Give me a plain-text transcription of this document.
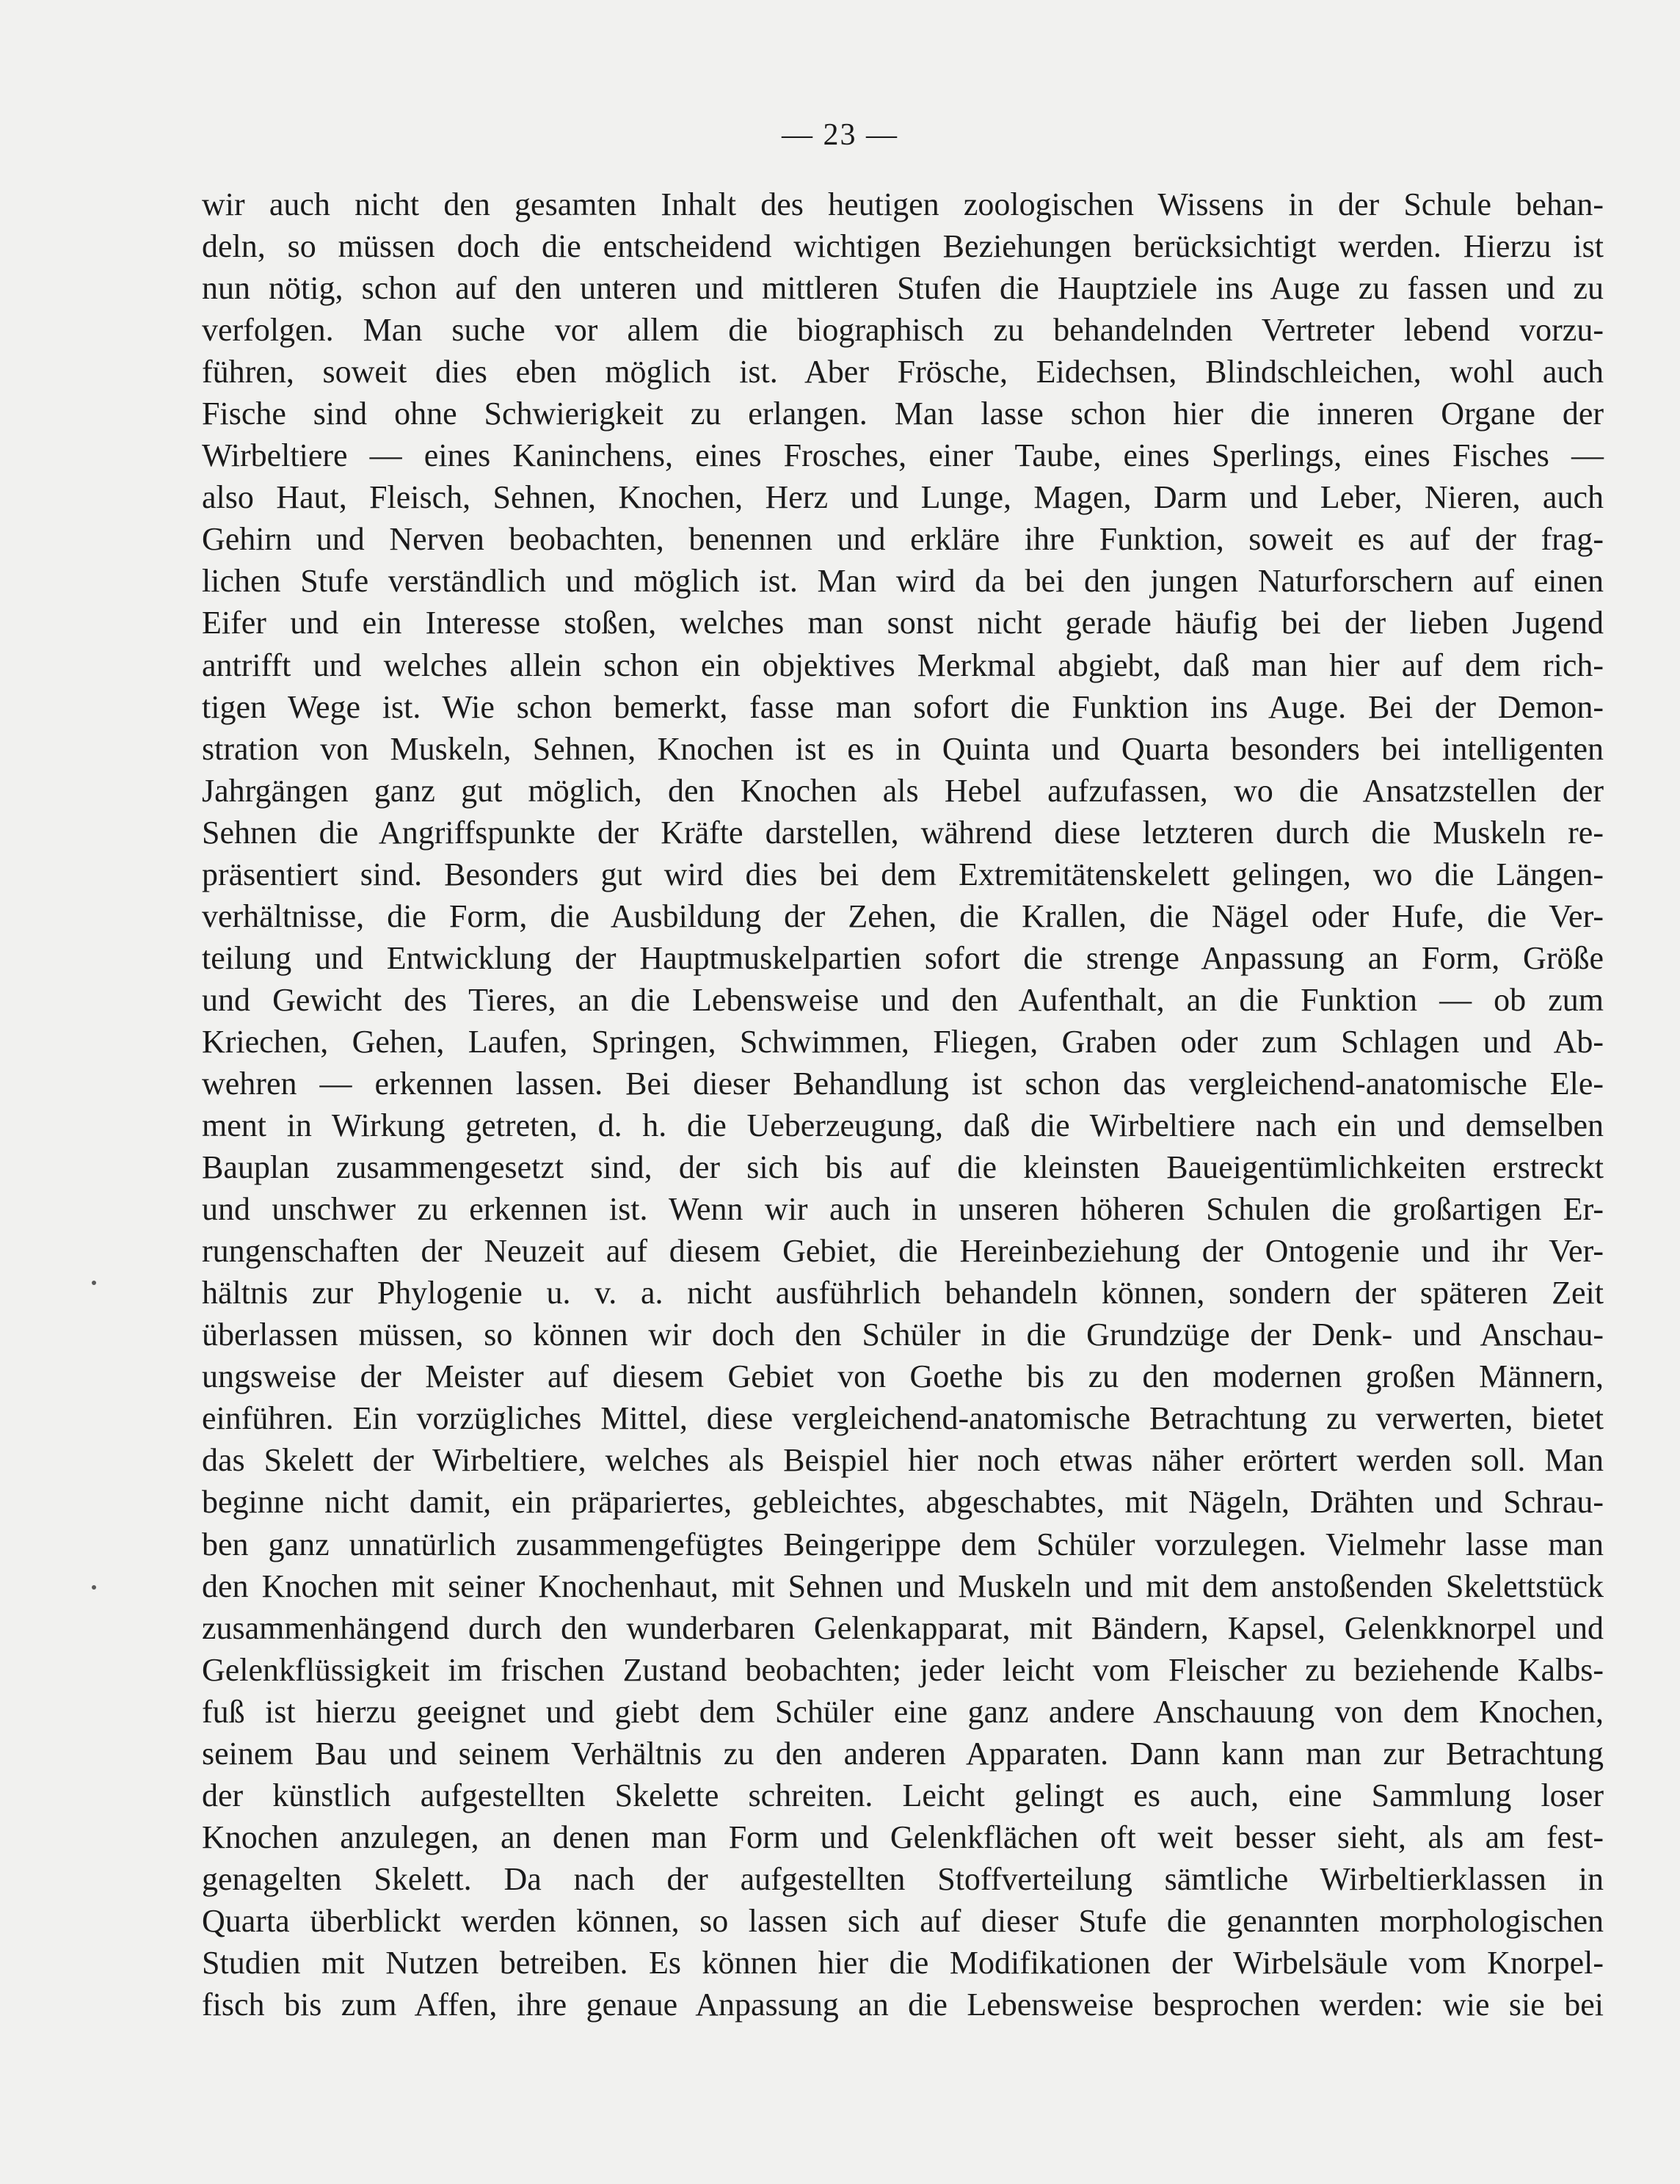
— 23 —
wir auch nicht den gesamten Inhalt des heutigen zoologischen Wissens in der Schule behan-
deln, so müssen doch die entscheidend wichtigen Beziehungen berücksichtigt werden. Hierzu ist
nun nötig, schon auf den unteren und mittleren Stufen die Hauptziele ins Auge zu fassen und zu
verfolgen. Man suche vor allem die biographisch zu behandelnden Vertreter lebend vorzu-
führen, soweit dies eben möglich ist. Aber Frösche, Eidechsen, Blindschleichen, wohl auch
Fische sind ohne Schwierigkeit zu erlangen. Man lasse schon hier die inneren Organe der
Wirbeltiere — eines Kaninchens, eines Frosches, einer Taube, eines Sperlings, eines Fisches —
also Haut, Fleisch, Sehnen, Knochen, Herz und Lunge, Magen, Darm und Leber, Nieren, auch
Gehirn und Nerven beobachten, benennen und erkläre ihre Funktion, soweit es auf der frag-
lichen Stufe verständlich und möglich ist. Man wird da bei den jungen Naturforschern auf einen
Eifer und ein Interesse stoßen, welches man sonst nicht gerade häufig bei der lieben Jugend
antrifft und welches allein schon ein objektives Merkmal abgiebt, daß man hier auf dem rich-
tigen Wege ist. Wie schon bemerkt, fasse man sofort die Funktion ins Auge. Bei der Demon-
stration von Muskeln, Sehnen, Knochen ist es in Quinta und Quarta besonders bei intelligenten
Jahrgängen ganz gut möglich, den Knochen als Hebel aufzufassen, wo die Ansatzstellen der
Sehnen die Angriffspunkte der Kräfte darstellen, während diese letzteren durch die Muskeln re-
präsentiert sind. Besonders gut wird dies bei dem Extremitätenskelett gelingen, wo die Längen-
verhältnisse, die Form, die Ausbildung der Zehen, die Krallen, die Nägel oder Hufe, die Ver-
teilung und Entwicklung der Hauptmuskelpartien sofort die strenge Anpassung an Form, Größe
und Gewicht des Tieres, an die Lebensweise und den Aufenthalt, an die Funktion — ob zum
Kriechen, Gehen, Laufen, Springen, Schwimmen, Fliegen, Graben oder zum Schlagen und Ab-
wehren — erkennen lassen. Bei dieser Behandlung ist schon das vergleichend-anatomische Ele-
ment in Wirkung getreten, d. h. die Ueberzeugung, daß die Wirbeltiere nach ein und demselben
Bauplan zusammengesetzt sind, der sich bis auf die kleinsten Baueigentümlichkeiten erstreckt
und unschwer zu erkennen ist. Wenn wir auch in unseren höheren Schulen die großartigen Er-
rungenschaften der Neuzeit auf diesem Gebiet, die Hereinbeziehung der Ontogenie und ihr Ver-
hältnis zur Phylogenie u. v. a. nicht ausführlich behandeln können, sondern der späteren Zeit
überlassen müssen, so können wir doch den Schüler in die Grundzüge der Denk- und Anschau-
ungsweise der Meister auf diesem Gebiet von Goethe bis zu den modernen großen Männern,
einführen. Ein vorzügliches Mittel, diese vergleichend-anatomische Betrachtung zu verwerten, bietet
das Skelett der Wirbeltiere, welches als Beispiel hier noch etwas näher erörtert werden soll. Man
beginne nicht damit, ein präpariertes, gebleichtes, abgeschabtes, mit Nägeln, Drähten und Schrau-
ben ganz unnatürlich zusammengefügtes Beingerippe dem Schüler vorzulegen. Vielmehr lasse man
den Knochen mit seiner Knochenhaut, mit Sehnen und Muskeln und mit dem anstoßenden Skelettstück
zusammenhängend durch den wunderbaren Gelenkapparat, mit Bändern, Kapsel, Gelenkknorpel und
Gelenkflüssigkeit im frischen Zustand beobachten; jeder leicht vom Fleischer zu beziehende Kalbs-
fuß ist hierzu geeignet und giebt dem Schüler eine ganz andere Anschauung von dem Knochen,
seinem Bau und seinem Verhältnis zu den anderen Apparaten. Dann kann man zur Betrachtung
der künstlich aufgestellten Skelette schreiten. Leicht gelingt es auch, eine Sammlung loser
Knochen anzulegen, an denen man Form und Gelenkflächen oft weit besser sieht, als am fest-
genagelten Skelett. Da nach der aufgestellten Stoffverteilung sämtliche Wirbeltierklassen in
Quarta überblickt werden können, so lassen sich auf dieser Stufe die genannten morphologischen
Studien mit Nutzen betreiben. Es können hier die Modifikationen der Wirbelsäule vom Knorpel-
fisch bis zum Affen, ihre genaue Anpassung an die Lebensweise besprochen werden: wie sie bei
